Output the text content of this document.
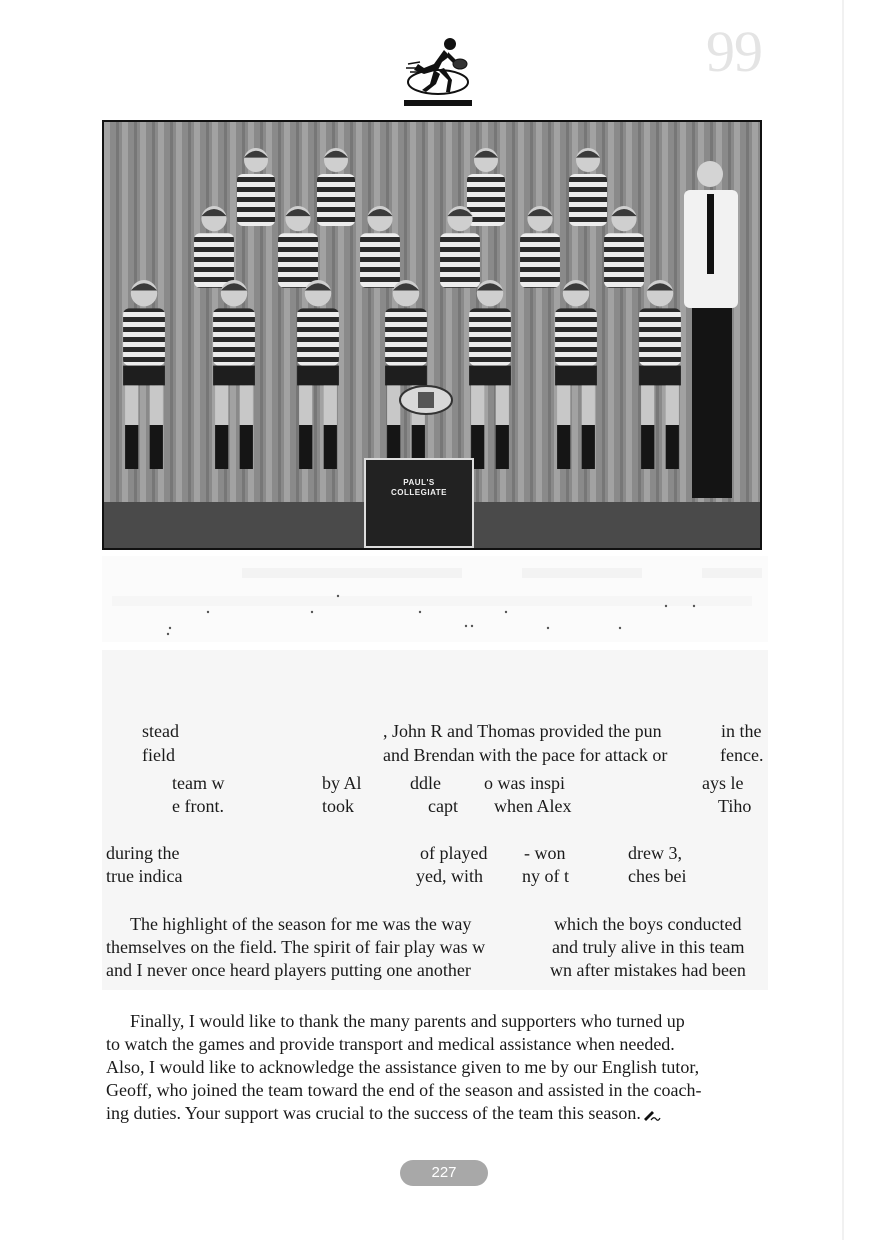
99
PAUL'S
COLLEGIATE
stead	, John R and Thomas provided the pun	in the
field	and Brendan with the pace for attack or	fence.
team w	by Al	ddle o was inspi	ays le
e front.	took	capt when Alex	Tiho
during the	of played - won	drew 3,
true indica	yed, with ny of t	ches bei
The highlight of the season for me was the way	which the boys conducted
themselves on the field. The spirit of fair play was w	and truly alive in this team
and I never once heard players putting one another	wn after mistakes had been
Finally, I would like to thank the many parents and supporters who turned up
to watch the games and provide transport and medical assistance when needed.
Also, I would like to acknowledge the assistance given to me by our English tutor,
Geoff, who joined the team toward the end of the season and assisted in the coach-
ing duties. Your support was crucial to the success of the team this season.
227
